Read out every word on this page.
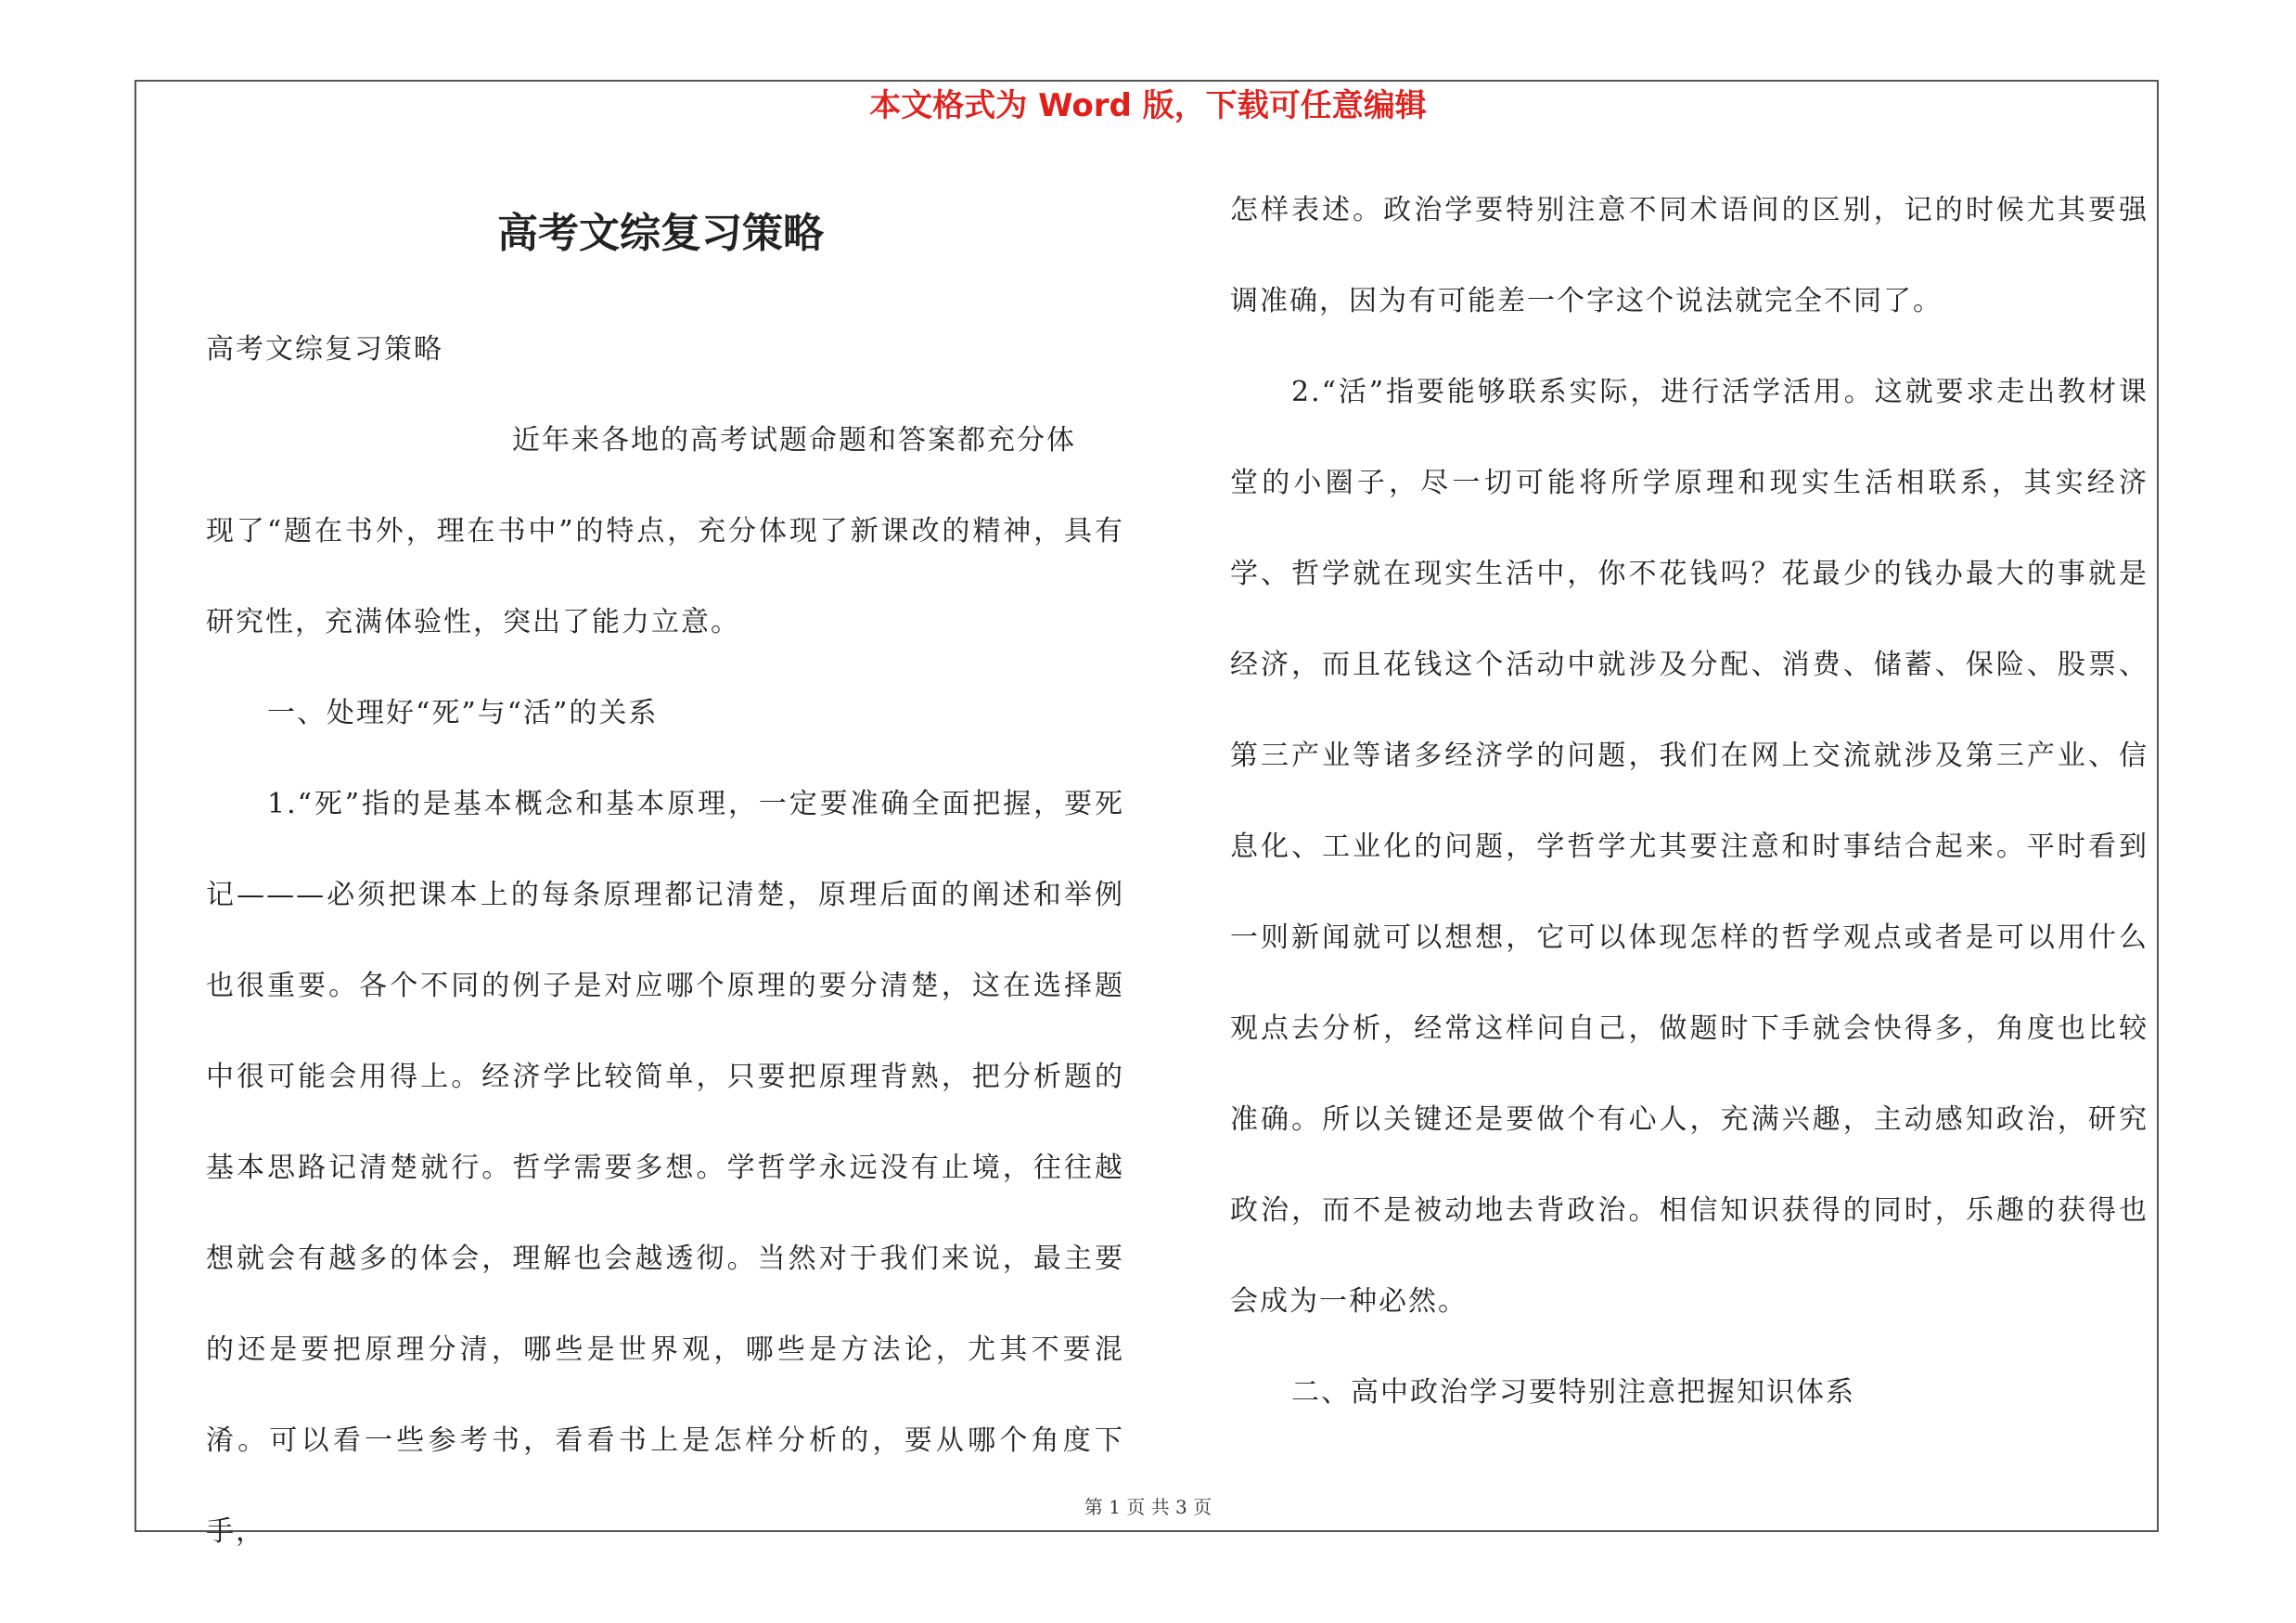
本文格式为 Word 版，下载可任意编辑
高考文综复习策略

高考文综复习策略

近年来各地的高考试题命题和答案都充分体

现了“题在书外，理在书中”的特点，充分体现了新课改的精神，具有研究性，充满体验性，突出了能力立意。

一、处理好“死”与“活”的关系

1.“死”指的是基本概念和基本原理，一定要准确全面把握，要死记———必须把课本上的每条原理都记清楚，原理后面的阐述和举例也很重要。各个不同的例子是对应哪个原理的要分清楚，这在选择题中很可能会用得上。经济学比较简单，只要把原理背熟，把分析题的基本思路记清楚就行。哲学需要多想。学哲学永远没有止境，往往越想就会有越多的体会，理解也会越透彻。当然对于我们来说，最主要的还是要把原理分清，哪些是世界观，哪些是方法论，尤其不要混淆。可以看一些参考书，看看书上是怎样分析的，要从哪个角度下手，

怎样表述。政治学要特别注意不同术语间的区别，记的时候尤其要强调准确，因为有可能差一个字这个说法就完全不同了。

2.“活”指要能够联系实际，进行活学活用。这就要求走出教材课堂的小圈子，尽一切可能将所学原理和现实生活相联系，其实经济学、哲学就在现实生活中，你不花钱吗？花最少的钱办最大的事就是经济，而且花钱这个活动中就涉及分配、消费、储蓄、保险、股票、第三产业等诸多经济学的问题，我们在网上交流就涉及第三产业、信息化、工业化的问题，学哲学尤其要注意和时事结合起来。平时看到一则新闻就可以想想，它可以体现怎样的哲学观点或者是可以用什么观点去分析，经常这样问自己，做题时下手就会快得多，角度也比较准确。所以关键还是要做个有心人，充满兴趣，主动感知政治，研究政治，而不是被动地去背政治。相信知识获得的同时，乐趣的获得也会成为一种必然。

二、高中政治学习要特别注意把握知识体系

第 1 页 共 3 页
